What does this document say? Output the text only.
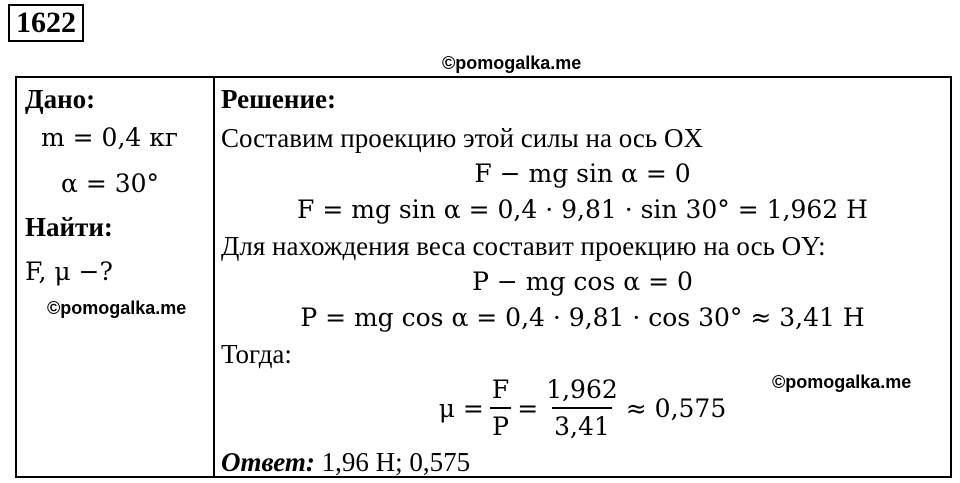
1622
©pomogalka.me
Дано:
m = 0,4 кг
α = 30°
Найти:
F, μ −?
Решение:
Составим проекцию этой силы на ось OX
F − mg sin α = 0
F = mg sin α = 0,4 · 9,81 · sin 30° = 1,962 Н
Для нахождения веса составит проекцию на ось OY:
P − mg cos α = 0
P = mg cos α = 0,4 · 9,81 · cos 30° ≈ 3,41 Н
Тогда:
$\mu = \frac{F}{P} = \frac{1,962}{3,41} \approx 0,575$
Ответ: 1,96 Н; 0,575
©pomogalka.me
©pomogalka.me
